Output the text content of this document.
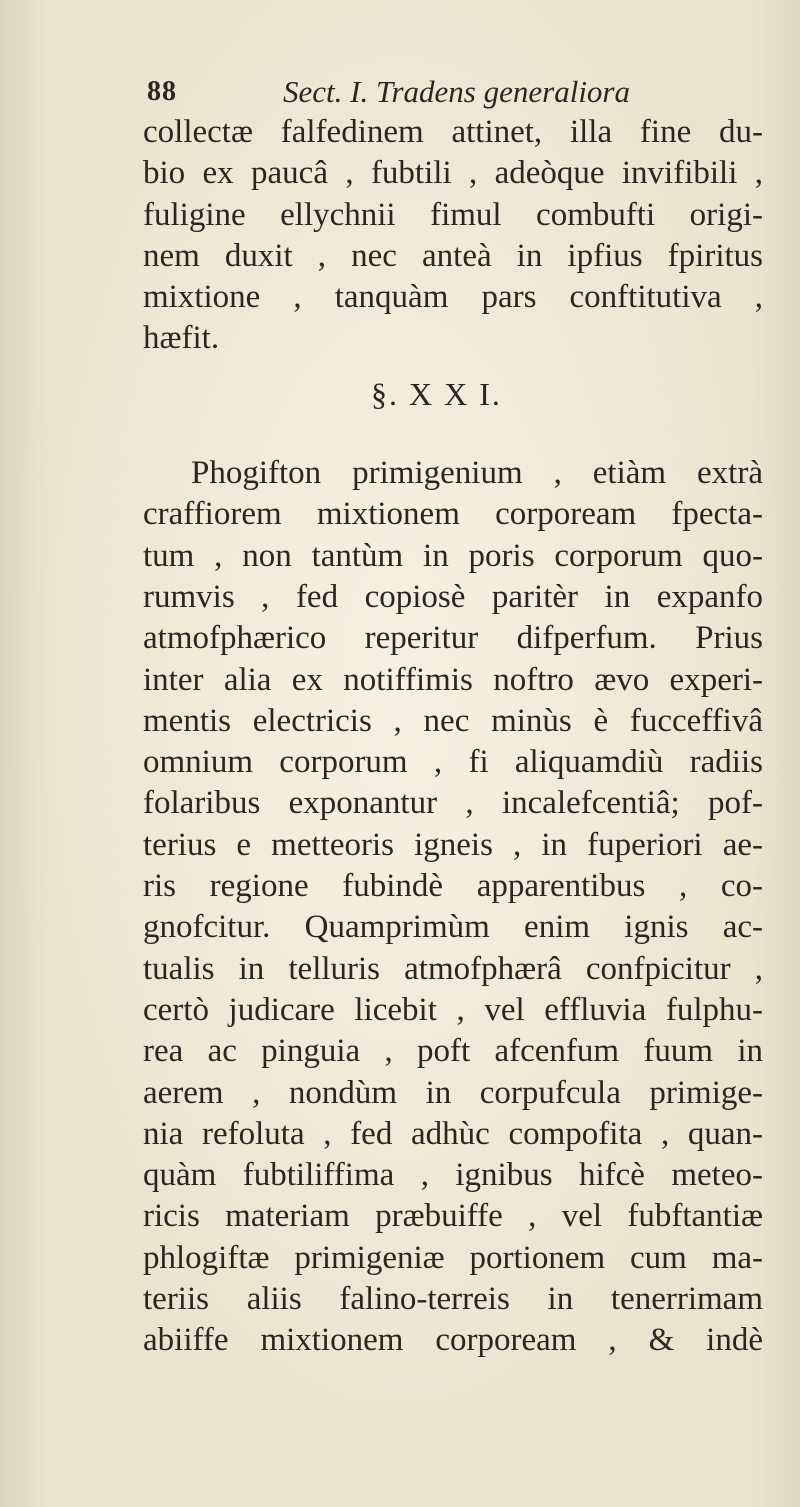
88	Sect. I. Tradens generaliora
collectæ falfedinem attinet, illa fine du-
bio ex paucâ , fubtili , adeòque invifibili ,
fuligine ellychnii fimul combufti origi-
nem duxit , nec anteà in ipfius fpiritus
mixtione , tanquàm pars conftitutiva ,
hæfit.
§. X X I.
Phogifton primigenium , etiàm extrà
craffiorem mixtionem corpoream fpecta-
tum , non tantùm in poris corporum quo-
rumvis , fed copiosè paritèr in expanfo
atmofphærico reperitur difperfum. Prius
inter alia ex notiffimis noftro ævo experi-
mentis electricis , nec minùs è fucceffivâ
omnium corporum , fi aliquamdiù radiis
folaribus exponantur , incalefcentiâ; pof-
terius e metteoris igneis , in fuperiori ae-
ris regione fubindè apparentibus , co-
gnofcitur. Quamprimùm enim ignis ac-
tualis in telluris atmofphærâ confpicitur ,
certò judicare licebit , vel effluvia fulphu-
rea ac pinguia , poft afcenfum fuum in
aerem , nondùm in corpufcula primige-
nia refoluta , fed adhùc compofita , quan-
quàm fubtiliffima , ignibus hifcè meteo-
ricis materiam præbuiffe , vel fubftantiæ
phlogiftæ primigeniæ portionem cum ma-
teriis aliis falino-terreis in tenerrimam
abiiffe mixtionem corpoream , & indè
